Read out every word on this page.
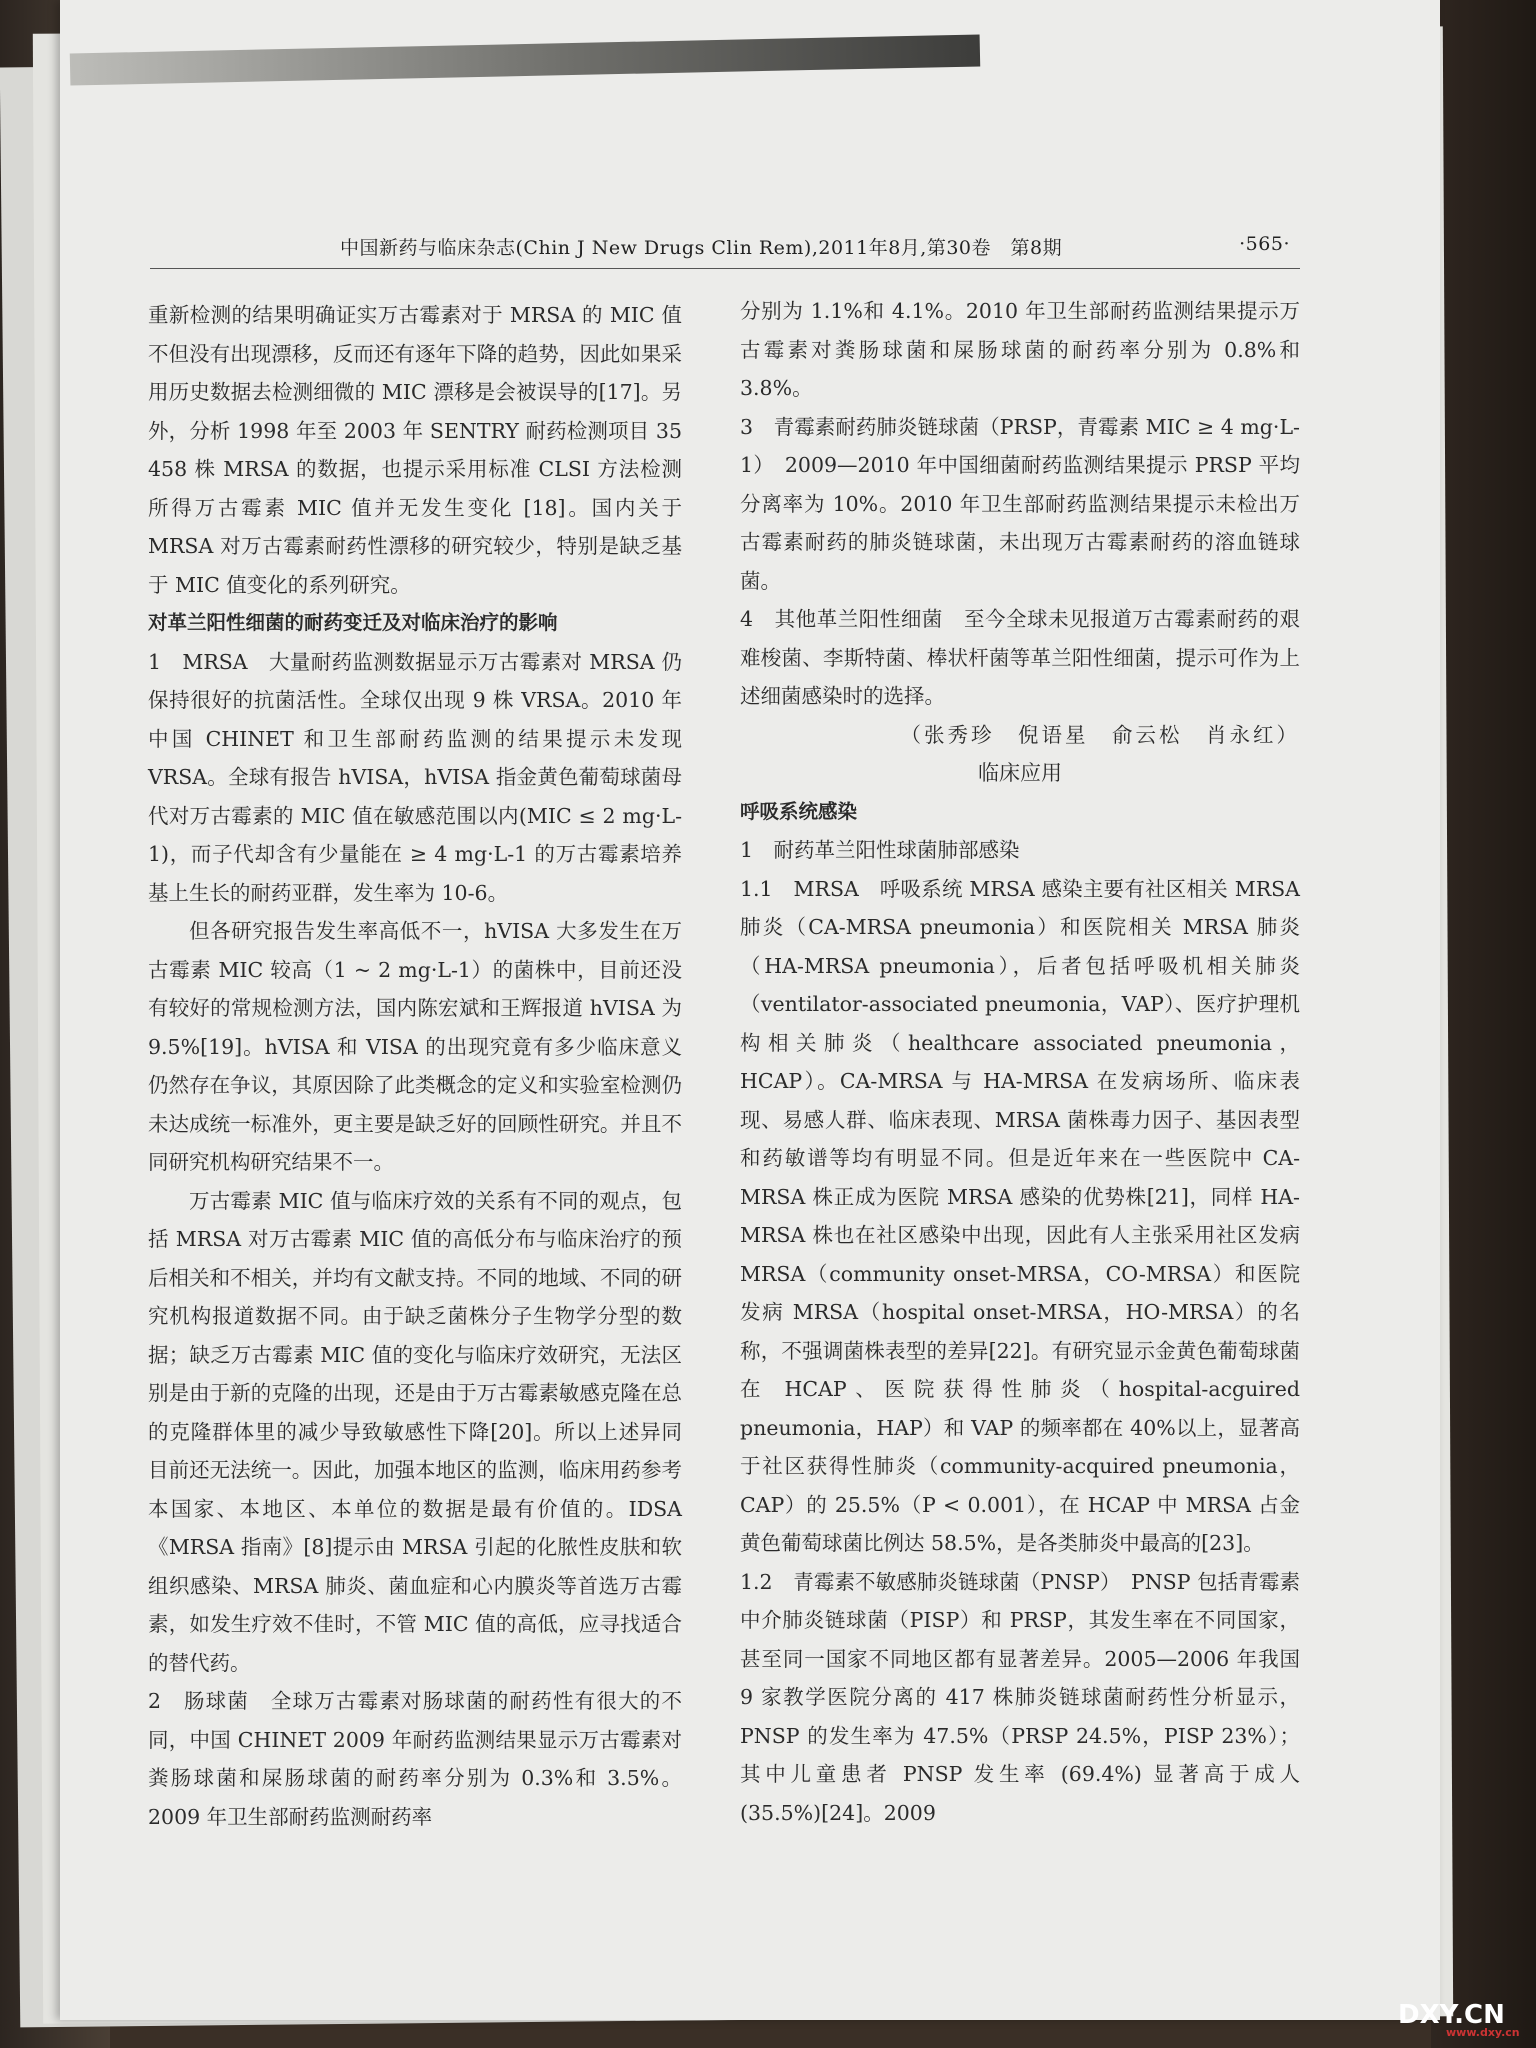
中国新药与临床杂志(Chin J New Drugs Clin Rem),2011年8月,第30卷　第8期	·565·

重新检测的结果明确证实万古霉素对于 MRSA 的 MIC 值不但没有出现漂移，反而还有逐年下降的趋势，因此如果采用历史数据去检测细微的 MIC 漂移是会被误导的[17]。另外，分析 1998 年至 2003 年 SENTRY 耐药检测项目 35 458 株 MRSA 的数据，也提示采用标准 CLSI 方法检测所得万古霉素 MIC 值并无发生变化 [18]。国内关于 MRSA 对万古霉素耐药性漂移的研究较少，特别是缺乏基于 MIC 值变化的系列研究。

对革兰阳性细菌的耐药变迁及对临床治疗的影响

1　MRSA　大量耐药监测数据显示万古霉素对 MRSA 仍保持很好的抗菌活性。全球仅出现 9 株 VRSA。2010 年中国 CHINET 和卫生部耐药监测的结果提示未发现 VRSA。全球有报告 hVISA，hVISA 指金黄色葡萄球菌母代对万古霉素的 MIC 值在敏感范围以内(MIC ≤ 2 mg·L-1)，而子代却含有少量能在 ≥ 4 mg·L-1 的万古霉素培养基上生长的耐药亚群，发生率为 10-6。

但各研究报告发生率高低不一，hVISA 大多发生在万古霉素 MIC 较高（1 ~ 2 mg·L-1）的菌株中，目前还没有较好的常规检测方法，国内陈宏斌和王辉报道 hVISA 为 9.5%[19]。hVISA 和 VISA 的出现究竟有多少临床意义仍然存在争议，其原因除了此类概念的定义和实验室检测仍未达成统一标准外，更主要是缺乏好的回顾性研究。并且不同研究机构研究结果不一。

万古霉素 MIC 值与临床疗效的关系有不同的观点，包括 MRSA 对万古霉素 MIC 值的高低分布与临床治疗的预后相关和不相关，并均有文献支持。不同的地域、不同的研究机构报道数据不同。由于缺乏菌株分子生物学分型的数据；缺乏万古霉素 MIC 值的变化与临床疗效研究，无法区别是由于新的克隆的出现，还是由于万古霉素敏感克隆在总的克隆群体里的减少导致敏感性下降[20]。所以上述异同目前还无法统一。因此，加强本地区的监测，临床用药参考本国家、本地区、本单位的数据是最有价值的。IDSA《MRSA 指南》[8]提示由 MRSA 引起的化脓性皮肤和软组织感染、MRSA 肺炎、菌血症和心内膜炎等首选万古霉素，如发生疗效不佳时，不管 MIC 值的高低，应寻找适合的替代药。

2　肠球菌　全球万古霉素对肠球菌的耐药性有很大的不同，中国 CHINET 2009 年耐药监测结果显示万古霉素对粪肠球菌和屎肠球菌的耐药率分别为 0.3%和 3.5%。2009 年卫生部耐药监测耐药率

分别为 1.1%和 4.1%。2010 年卫生部耐药监测结果提示万古霉素对粪肠球菌和屎肠球菌的耐药率分别为 0.8%和 3.8%。

3　青霉素耐药肺炎链球菌（PRSP，青霉素 MIC ≥ 4 mg·L-1）　2009—2010 年中国细菌耐药监测结果提示 PRSP 平均分离率为 10%。2010 年卫生部耐药监测结果提示未检出万古霉素耐药的肺炎链球菌，未出现万古霉素耐药的溶血链球菌。

4　其他革兰阳性细菌　至今全球未见报道万古霉素耐药的艰难梭菌、李斯特菌、棒状杆菌等革兰阳性细菌，提示可作为上述细菌感染时的选择。

（张秀珍　倪语星　俞云松　肖永红）

临床应用

呼吸系统感染

1　耐药革兰阳性球菌肺部感染

1.1　MRSA　呼吸系统 MRSA 感染主要有社区相关 MRSA 肺炎（CA-MRSA pneumonia）和医院相关 MRSA 肺炎（HA-MRSA pneumonia），后者包括呼吸机相关肺炎（ventilator-associated pneumonia，VAP）、医疗护理机构相关肺炎（healthcare associated pneumonia，HCAP）。CA-MRSA 与 HA-MRSA 在发病场所、临床表现、易感人群、临床表现、MRSA 菌株毒力因子、基因表型和药敏谱等均有明显不同。但是近年来在一些医院中 CA-MRSA 株正成为医院 MRSA 感染的优势株[21]，同样 HA-MRSA 株也在社区感染中出现，因此有人主张采用社区发病 MRSA（community onset-MRSA，CO-MRSA）和医院发病 MRSA（hospital onset-MRSA，HO-MRSA）的名称，不强调菌株表型的差异[22]。有研究显示金黄色葡萄球菌在 HCAP、医院获得性肺炎（hospital-acguired pneumonia，HAP）和 VAP 的频率都在 40%以上，显著高于社区获得性肺炎（community-acquired pneumonia，CAP）的 25.5%（P < 0.001），在 HCAP 中 MRSA 占金黄色葡萄球菌比例达 58.5%，是各类肺炎中最高的[23]。

1.2　青霉素不敏感肺炎链球菌（PNSP）　PNSP 包括青霉素中介肺炎链球菌（PISP）和 PRSP，其发生率在不同国家，甚至同一国家不同地区都有显著差异。2005—2006 年我国 9 家教学医院分离的 417 株肺炎链球菌耐药性分析显示，PNSP 的发生率为 47.5%（PRSP 24.5%，PISP 23%）；其中儿童患者 PNSP 发生率 (69.4%) 显著高于成人 (35.5%)[24]。2009

DXY.CN
www.dxy.cn
